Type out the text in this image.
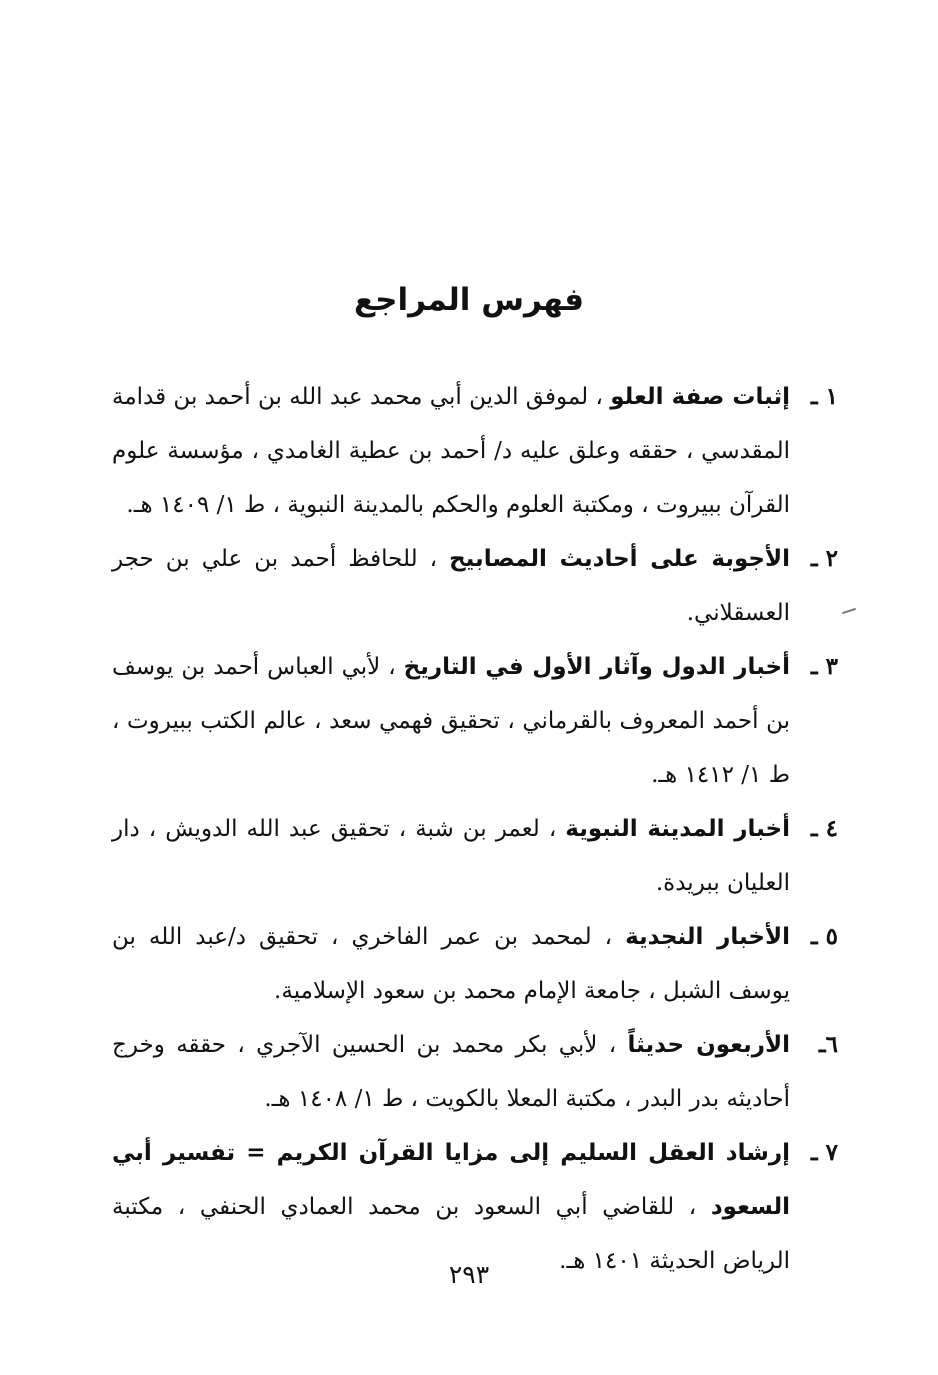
فهرس المراجع
١ ـ
إثبات صفة العلو ، لموفق الدين أبي محمد عبد الله بن أحمد بن قدامة المقدسي ، حققه وعلق عليه د/ أحمد بن عطية الغامدي ، مؤسسة علوم القرآن ببيروت ، ومكتبة العلوم والحكم بالمدينة النبوية ، ط ١/ ١٤٠٩ هـ.
٢ ـ
الأجوبة على أحاديث المصابيح ، للحافظ أحمد بن علي بن حجر العسقلاني.
٣ ـ
أخبار الدول وآثار الأول في التاريخ ، لأبي العباس أحمد بن يوسف بن أحمد المعروف بالقرماني ، تحقيق فهمي سعد ، عالم الكتب ببيروت ، ط ١/ ١٤١٢ هـ.
٤ ـ
أخبار المدينة النبوية ، لعمر بن شبة ، تحقيق عبد الله الدويش ، دار العليان ببريدة.
٥ ـ
الأخبار النجدية ، لمحمد بن عمر الفاخري ، تحقيق د/عبد الله بن يوسف الشبل ، جامعة الإمام محمد بن سعود الإسلامية.
٦ـ
الأربعون حديثاً ، لأبي بكر محمد بن الحسين الآجري ، حققه وخرج أحاديثه بدر البدر ، مكتبة المعلا بالكويت ، ط ١/ ١٤٠٨ هـ.
٧ ـ
إرشاد العقل السليم إلى مزايا القرآن الكريم = تفسير أبي السعود ، للقاضي أبي السعود بن محمد العمادي الحنفي ، مكتبة الرياض الحديثة ١٤٠١ هـ.
٢٩٣
